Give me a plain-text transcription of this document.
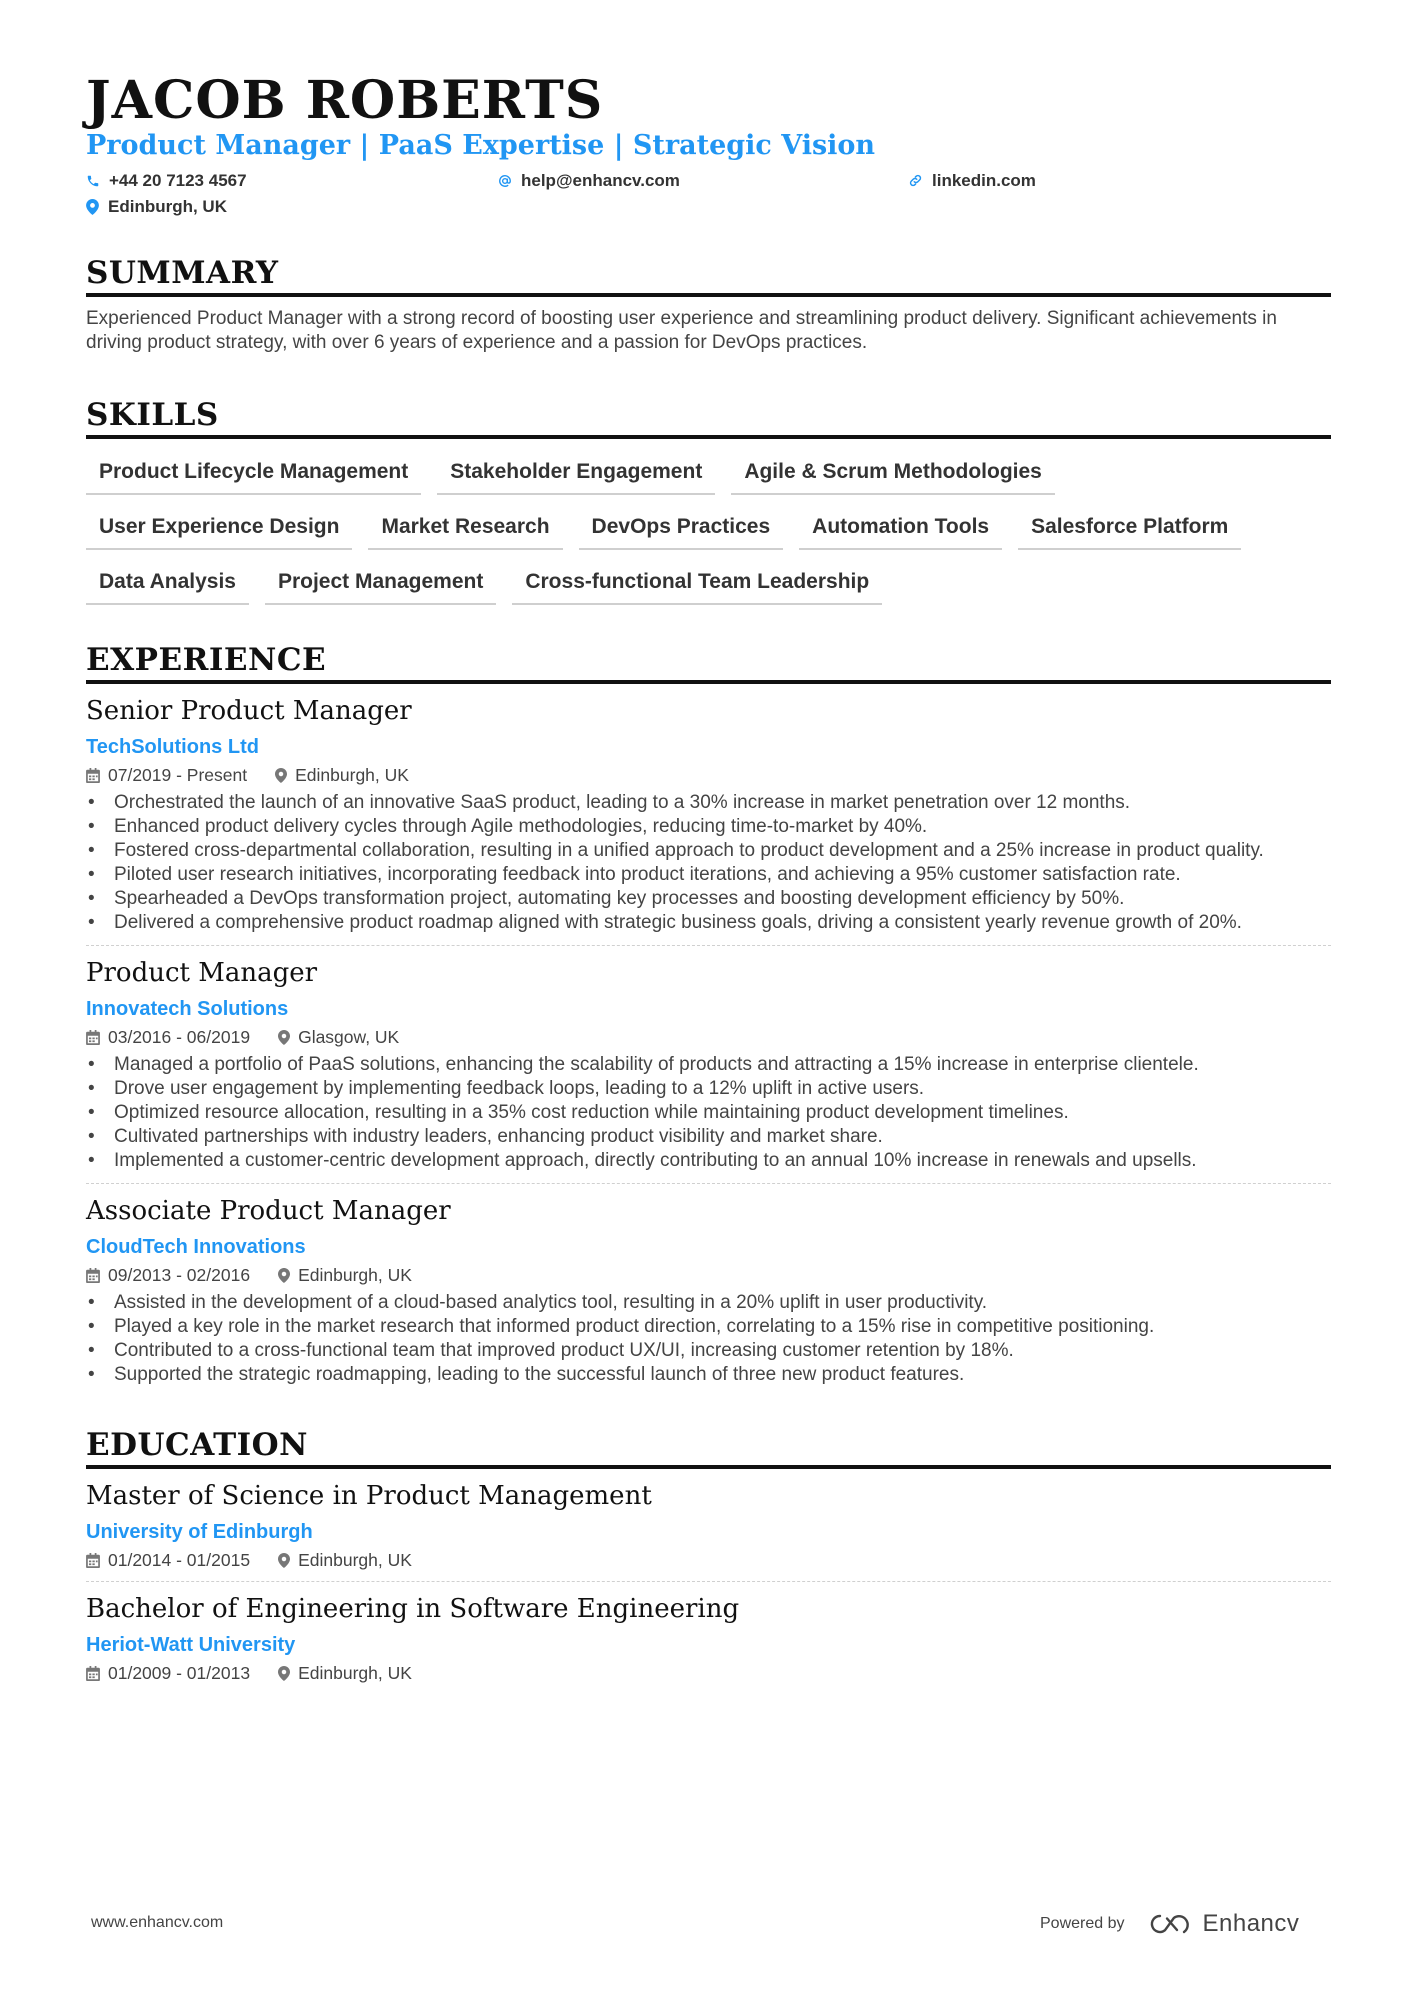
JACOB ROBERTS
Product Manager | PaaS Expertise | Strategic Vision
+44 20 7123 4567	help@enhancv.com	linkedin.com
Edinburgh, UK
SUMMARY
Experienced Product Manager with a strong record of boosting user experience and streamlining product delivery. Significant achievements in driving product strategy, with over 6 years of experience and a passion for DevOps practices.
SKILLS
Product Lifecycle Management	Stakeholder Engagement	Agile & Scrum Methodologies
User Experience Design	Market Research	DevOps Practices	Automation Tools	Salesforce Platform
Data Analysis	Project Management	Cross-functional Team Leadership
EXPERIENCE
Senior Product Manager
TechSolutions Ltd
07/2019 - Present	Edinburgh, UK
• Orchestrated the launch of an innovative SaaS product, leading to a 30% increase in market penetration over 12 months.
• Enhanced product delivery cycles through Agile methodologies, reducing time-to-market by 40%.
• Fostered cross-departmental collaboration, resulting in a unified approach to product development and a 25% increase in product quality.
• Piloted user research initiatives, incorporating feedback into product iterations, and achieving a 95% customer satisfaction rate.
• Spearheaded a DevOps transformation project, automating key processes and boosting development efficiency by 50%.
• Delivered a comprehensive product roadmap aligned with strategic business goals, driving a consistent yearly revenue growth of 20%.
Product Manager
Innovatech Solutions
03/2016 - 06/2019	Glasgow, UK
• Managed a portfolio of PaaS solutions, enhancing the scalability of products and attracting a 15% increase in enterprise clientele.
• Drove user engagement by implementing feedback loops, leading to a 12% uplift in active users.
• Optimized resource allocation, resulting in a 35% cost reduction while maintaining product development timelines.
• Cultivated partnerships with industry leaders, enhancing product visibility and market share.
• Implemented a customer-centric development approach, directly contributing to an annual 10% increase in renewals and upsells.
Associate Product Manager
CloudTech Innovations
09/2013 - 02/2016	Edinburgh, UK
• Assisted in the development of a cloud-based analytics tool, resulting in a 20% uplift in user productivity.
• Played a key role in the market research that informed product direction, correlating to a 15% rise in competitive positioning.
• Contributed to a cross-functional team that improved product UX/UI, increasing customer retention by 18%.
• Supported the strategic roadmapping, leading to the successful launch of three new product features.
EDUCATION
Master of Science in Product Management
University of Edinburgh
01/2014 - 01/2015	Edinburgh, UK
Bachelor of Engineering in Software Engineering
Heriot-Watt University
01/2009 - 01/2013	Edinburgh, UK
www.enhancv.com	Powered by	Enhancv
